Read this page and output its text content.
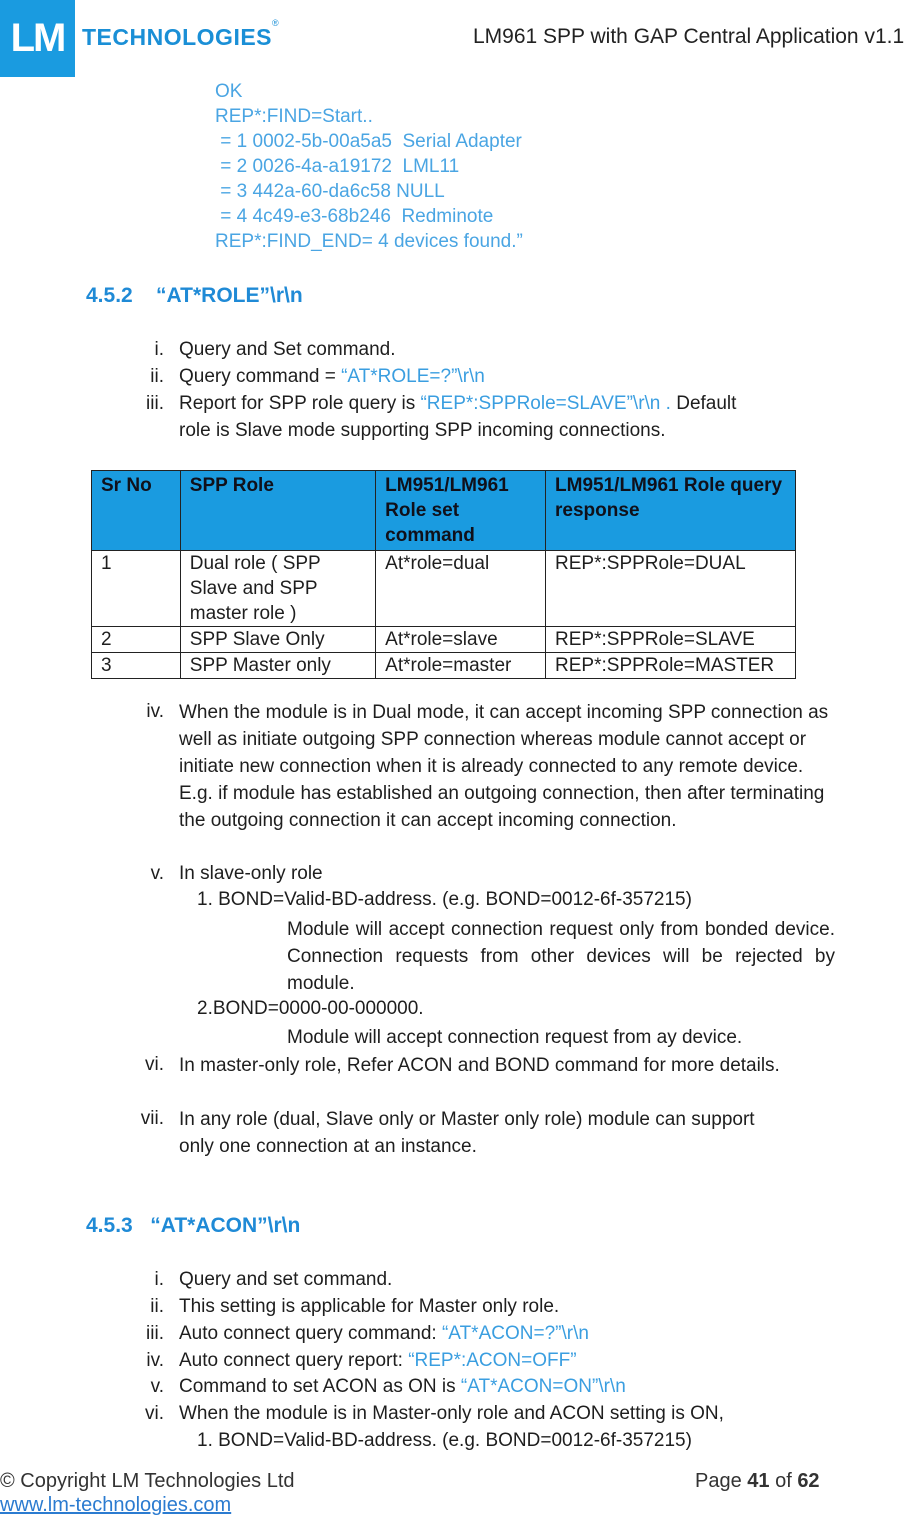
LM TECHNOLOGIES
®
LM961 SPP with GAP Central Application v1.1
OK
REP*:FIND=Start..
= 1 0002-5b-00a5a5  Serial Adapter
= 2 0026-4a-a19172  LML11
= 3 442a-60-da6c58 NULL
= 4 4c49-e3-68b246  Redminote
REP*:FIND_END= 4 devices found.”
4.5.2    “AT*ROLE”\r\n
i. Query and Set command.
ii. Query command = “AT*ROLE=?”\r\n
iii. Report for SPP role query is “REP*:SPPRole=SLAVE”\r\n . Default
role is Slave mode supporting SPP incoming connections.
Sr No	SPP Role	LM951/LM961 Role set command	LM951/LM961 Role query response
1	Dual role ( SPP Slave and SPP master role )	At*role=dual	REP*:SPPRole=DUAL
2	SPP Slave Only	At*role=slave	REP*:SPPRole=SLAVE
3	SPP Master only	At*role=master	REP*:SPPRole=MASTER
iv. When the module is in Dual mode, it can accept incoming SPP connection as well as initiate outgoing SPP connection whereas module cannot accept or initiate new connection when it is already connected to any remote device. E.g. if module has established an outgoing connection, then after terminating the outgoing connection it can accept incoming connection.
v. In slave-only role
1. BOND=Valid-BD-address. (e.g. BOND=0012-6f-357215)
Module will accept connection request only from bonded device. Connection requests from other devices will be rejected by module.
2.BOND=0000-00-000000.
Module will accept connection request from ay device.
vi. In master-only role, Refer ACON and BOND command for more details.
vii. In any role (dual, Slave only or Master only role) module can support only one connection at an instance.
4.5.3   “AT*ACON”\r\n
i. Query and set command.
ii. This setting is applicable for Master only role.
iii. Auto connect query command: “AT*ACON=?”\r\n
iv. Auto connect query report: “REP*:ACON=OFF”
v. Command to set ACON as ON is “AT*ACON=ON”\r\n
vi. When the module is in Master-only role and ACON setting is ON,
1. BOND=Valid-BD-address. (e.g. BOND=0012-6f-357215)
© Copyright LM Technologies Ltd
www.lm-technologies.com
Page 41 of 62
